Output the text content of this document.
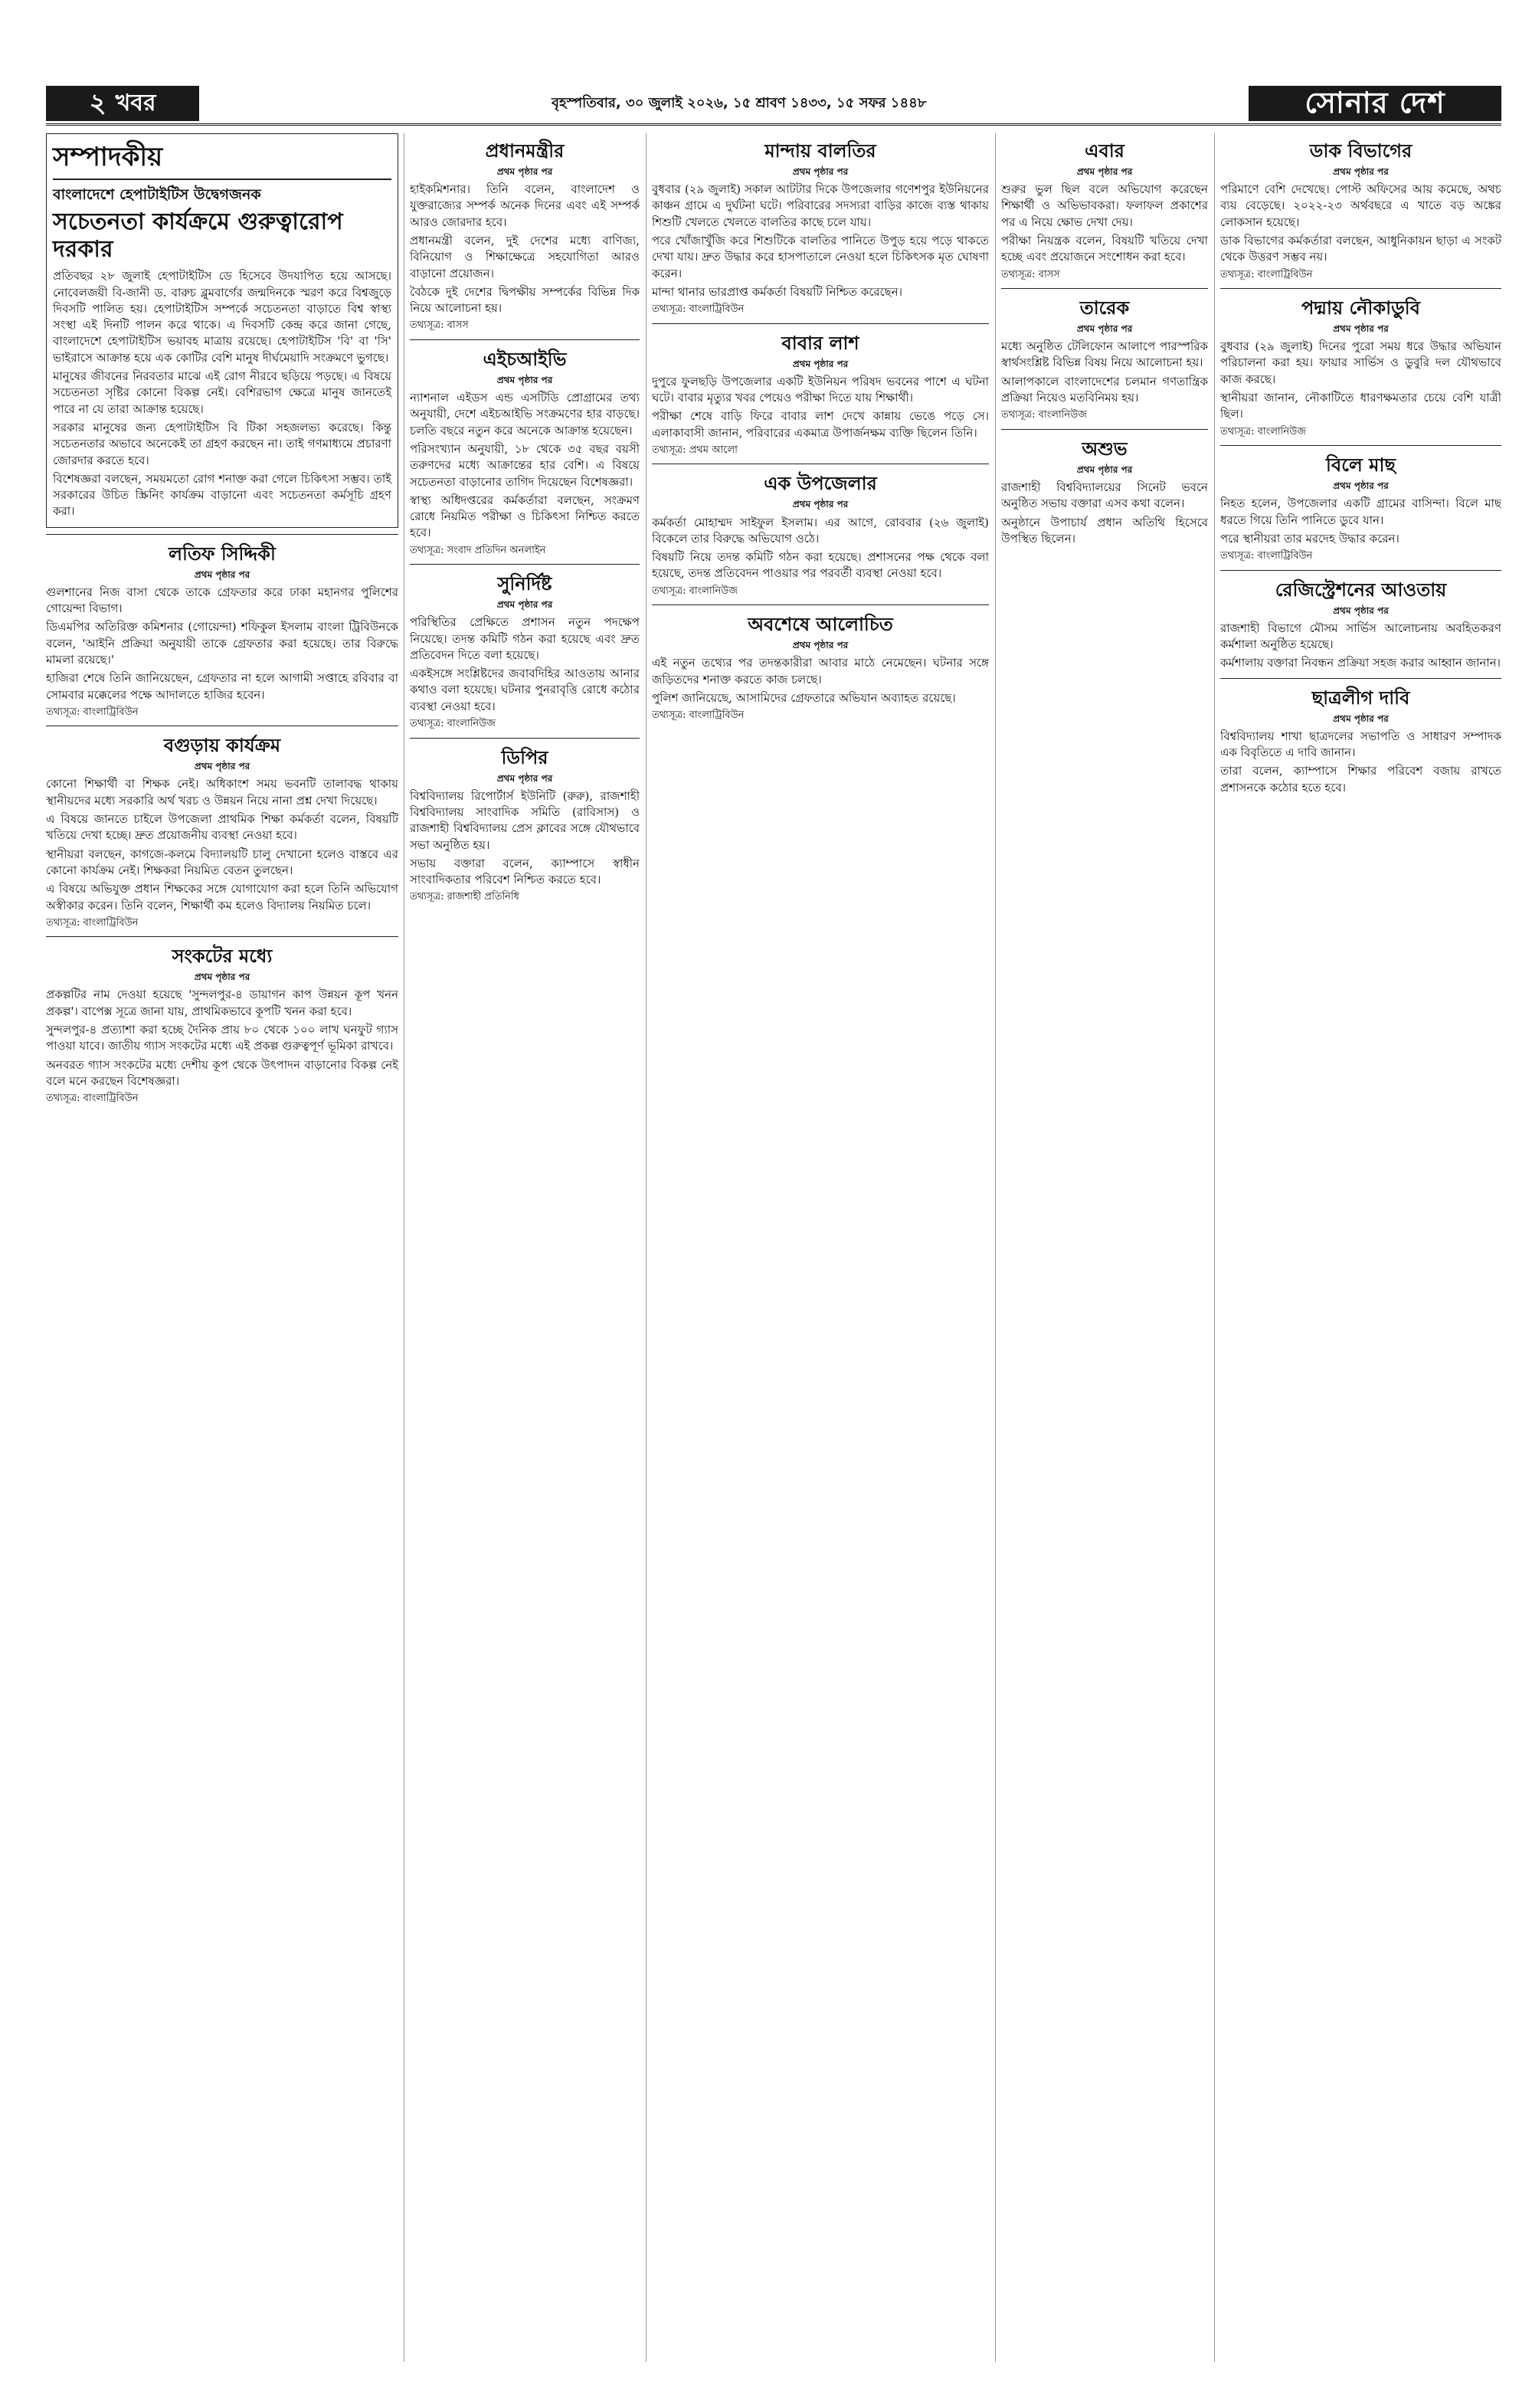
২ খবর	বৃহস্পতিবার, ৩০ জুলাই ২০২৬, ১৫ শ্রাবণ ১৪৩৩, ১৫ সফর ১৪৪৮	সোনার দেশ
সম্পাদকীয়
বাংলাদেশে হেপাটাইটিস উদ্বেগজনক
সচেতনতা কার্যক্রমে গুরুত্বারোপ দরকার

প্রতিবছর ২৮ জুলাই হেপাটাইটিস ডে হিসেবে উদযাপিত হয়ে আসছে। নোবেলজয়ী বি-জানী ড. বারুচ ব্লুমবার্গের জন্মদিনকে স্মরণ করে বিশ্বজুড়ে দিবসটি পালিত হয়। হেপাটাইটিস সম্পর্কে সচেতনতা বাড়াতে বিশ্ব স্বাস্থ্য সংস্থা এই দিনটি পালন করে থাকে। এ দিবসটি কেন্দ্র করে জানা গেছে, বাংলাদেশে হেপাটাইটিস ভয়াবহ মাত্রায় রয়েছে। হেপাটাইটিস 'বি' বা 'সি' ভাইরাসে আক্রান্ত হয়ে এক কোটির বেশি মানুষ দীর্ঘমেয়াদি সংক্রমণে ভুগছে।

মানুষের জীবনের নিরবতার মাঝে এই রোগ নীরবে ছড়িয়ে পড়ছে। এ বিষয়ে সচেতনতা সৃষ্টির কোনো বিকল্প নেই। বেশিরভাগ ক্ষেত্রে মানুষ জানতেই পারে না যে তারা আক্রান্ত হয়েছে।

সরকার মানুষের জন্য হেপাটাইটিস বি টিকা সহজলভ্য করেছে। কিন্তু সচেতনতার অভাবে অনেকেই তা গ্রহণ করছেন না। তাই গণমাধ্যমে প্রচারণা জোরদার করতে হবে।

বিশেষজ্ঞরা বলছেন, সময়মতো রোগ শনাক্ত করা গেলে চিকিৎসা সম্ভব। তাই সরকারের উচিত স্ক্রিনিং কার্যক্রম বাড়ানো এবং সচেতনতা কর্মসূচি গ্রহণ করা।

লতিফ সিদ্দিকী
প্রথম পৃষ্ঠার পর

গুলশানের নিজ বাসা থেকে তাকে গ্রেফতার করে ঢাকা মহানগর পুলিশের গোয়েন্দা বিভাগ।

ডিএমপির অতিরিক্ত কমিশনার (গোয়েন্দা) শফিকুল ইসলাম বাংলা ট্রিবিউনকে বলেন, 'আইনি প্রক্রিয়া অনুযায়ী তাকে গ্রেফতার করা হয়েছে। তার বিরুদ্ধে মামলা রয়েছে।'

হাজিরা শেষে তিনি জানিয়েছেন, গ্রেফতার না হলে আগামী সপ্তাহে রবিবার বা সোমবার মক্কেলের পক্ষে আদালতে হাজির হবেন।

তথ্যসূত্র: বাংলাট্রিবিউন
বগুড়ায় কার্যক্রম
প্রথম পৃষ্ঠার পর

কোনো শিক্ষার্থী বা শিক্ষক নেই। অধিকাংশ সময় ভবনটি তালাবদ্ধ থাকায় স্থানীয়দের মধ্যে সরকারি অর্থ খরচ ও উন্নয়ন নিয়ে নানা প্রশ্ন দেখা দিয়েছে।

এ বিষয়ে জানতে চাইলে উপজেলা প্রাথমিক শিক্ষা কর্মকর্তা বলেন, বিষয়টি খতিয়ে দেখা হচ্ছে। দ্রুত প্রয়োজনীয় ব্যবস্থা নেওয়া হবে।

স্থানীয়রা বলছেন, কাগজে-কলমে বিদ্যালয়টি চালু দেখানো হলেও বাস্তবে এর কোনো কার্যক্রম নেই। শিক্ষকরা নিয়মিত বেতন তুলছেন।

এ বিষয়ে অভিযুক্ত প্রধান শিক্ষকের সঙ্গে যোগাযোগ করা হলে তিনি অভিযোগ অস্বীকার করেন। তিনি বলেন, শিক্ষার্থী কম হলেও বিদ্যালয় নিয়মিত চলে।

তথ্যসূত্র: বাংলাট্রিবিউন
সংকটের মধ্যে
প্রথম পৃষ্ঠার পর

প্রকল্পটির নাম দেওয়া হয়েছে 'সুন্দলপুর-৪ ডায়াগন কাপ উন্নয়ন কূপ খনন প্রকল্প'। বাপেক্স সূত্রে জানা যায়, প্রাথমিকভাবে কূপটি খনন করা হবে।

সুন্দলপুর-৪ প্রত্যাশা করা হচ্ছে দৈনিক প্রায় ৮০ থেকে ১০০ লাখ ঘনফুট গ্যাস পাওয়া যাবে। জাতীয় গ্যাস সংকটের মধ্যে এই প্রকল্প গুরুত্বপূর্ণ ভূমিকা রাখবে।

অনবরত গ্যাস সংকটের মধ্যে দেশীয় কূপ থেকে উৎপাদন বাড়ানোর বিকল্প নেই বলে মনে করছেন বিশেষজ্ঞরা।

তথ্যসূত্র: বাংলাট্রিবিউন
প্রধানমন্ত্রীর
প্রথম পৃষ্ঠার পর

হাইকমিশনার। তিনি বলেন, বাংলাদেশ ও যুক্তরাজ্যের সম্পর্ক অনেক দিনের এবং এই সম্পর্ক আরও জোরদার হবে।

প্রধানমন্ত্রী বলেন, দুই দেশের মধ্যে বাণিজ্য, বিনিয়োগ ও শিক্ষাক্ষেত্রে সহযোগিতা আরও বাড়ানো প্রয়োজন।

বৈঠকে দুই দেশের দ্বিপক্ষীয় সম্পর্কের বিভিন্ন দিক নিয়ে আলোচনা হয়।

তথ্যসূত্র: বাসস
এইচআইভি
প্রথম পৃষ্ঠার পর

ন্যাশনাল এইডস এন্ড এসটিডি প্রোগ্রামের তথ্য অনুযায়ী, দেশে এইচআইভি সংক্রমণের হার বাড়ছে। চলতি বছরে নতুন করে অনেকে আক্রান্ত হয়েছেন।

পরিসংখ্যান অনুযায়ী, ১৮ থেকে ৩৫ বছর বয়সী তরুণদের মধ্যে আক্রান্তের হার বেশি। এ বিষয়ে সচেতনতা বাড়ানোর তাগিদ দিয়েছেন বিশেষজ্ঞরা।

স্বাস্থ্য অধিদপ্তরের কর্মকর্তারা বলছেন, সংক্রমণ রোধে নিয়মিত পরীক্ষা ও চিকিৎসা নিশ্চিত করতে হবে।

তথ্যসূত্র: সংবাদ প্রতিদিন অনলাইন
সুনির্দিষ্ট
প্রথম পৃষ্ঠার পর

পরিস্থিতির প্রেক্ষিতে প্রশাসন নতুন পদক্ষেপ নিয়েছে। তদন্ত কমিটি গঠন করা হয়েছে এবং দ্রুত প্রতিবেদন দিতে বলা হয়েছে।

একইসঙ্গে সংশ্লিষ্টদের জবাবদিহির আওতায় আনার কথাও বলা হয়েছে। ঘটনার পুনরাবৃত্তি রোধে কঠোর ব্যবস্থা নেওয়া হবে।

তথ্যসূত্র: বাংলানিউজ
ডিপির
প্রথম পৃষ্ঠার পর

বিশ্ববিদ্যালয় রিপোর্টার্স ইউনিটি (রুরু), রাজশাহী বিশ্ববিদ্যালয় সাংবাদিক সমিতি (রাবিসাস) ও রাজশাহী বিশ্ববিদ্যালয় প্রেস ক্লাবের সঙ্গে যৌথভাবে সভা অনুষ্ঠিত হয়।

সভায় বক্তারা বলেন, ক্যাম্পাসে স্বাধীন সাংবাদিকতার পরিবেশ নিশ্চিত করতে হবে।

তথ্যসূত্র: রাজশাহী প্রতিনিধি
মান্দায় বালতির
প্রথম পৃষ্ঠার পর

বুধবার (২৯ জুলাই) সকাল আটটার দিকে উপজেলার গণেশপুর ইউনিয়নের কাঞ্চন গ্রামে এ দুর্ঘটনা ঘটে। পরিবারের সদস্যরা বাড়ির কাজে ব্যস্ত থাকায় শিশুটি খেলতে খেলতে বালতির কাছে চলে যায়।

পরে খোঁজাখুঁজি করে শিশুটিকে বালতির পানিতে উপুড় হয়ে পড়ে থাকতে দেখা যায়। দ্রুত উদ্ধার করে হাসপাতালে নেওয়া হলে চিকিৎসক মৃত ঘোষণা করেন।

মান্দা থানার ভারপ্রাপ্ত কর্মকর্তা বিষয়টি নিশ্চিত করেছেন।

তথ্যসূত্র: বাংলাট্রিবিউন
বাবার লাশ
প্রথম পৃষ্ঠার পর

দুপুরে ফুলছড়ি উপজেলার একটি ইউনিয়ন পরিষদ ভবনের পাশে এ ঘটনা ঘটে। বাবার মৃত্যুর খবর পেয়েও পরীক্ষা দিতে যায় শিক্ষার্থী।

পরীক্ষা শেষে বাড়ি ফিরে বাবার লাশ দেখে কান্নায় ভেঙে পড়ে সে। এলাকাবাসী জানান, পরিবারের একমাত্র উপার্জনক্ষম ব্যক্তি ছিলেন তিনি।

তথ্যসূত্র: প্রথম আলো
এক উপজেলার
প্রথম পৃষ্ঠার পর

কর্মকর্তা মোহাম্মদ সাইফুল ইসলাম। এর আগে, রোববার (২৬ জুলাই) বিকেলে তার বিরুদ্ধে অভিযোগ ওঠে।

বিষয়টি নিয়ে তদন্ত কমিটি গঠন করা হয়েছে। প্রশাসনের পক্ষ থেকে বলা হয়েছে, তদন্ত প্রতিবেদন পাওয়ার পর পরবর্তী ব্যবস্থা নেওয়া হবে।

তথ্যসূত্র: বাংলানিউজ
অবশেষে আলোচিত
প্রথম পৃষ্ঠার পর

এই নতুন তথ্যের পর তদন্তকারীরা আবার মাঠে নেমেছেন। ঘটনার সঙ্গে জড়িতদের শনাক্ত করতে কাজ চলছে।

পুলিশ জানিয়েছে, আসামিদের গ্রেফতারে অভিযান অব্যাহত রয়েছে।

তথ্যসূত্র: বাংলাট্রিবিউন
এবার
প্রথম পৃষ্ঠার পর

শুরুর ভুল ছিল বলে অভিযোগ করেছেন শিক্ষার্থী ও অভিভাবকরা। ফলাফল প্রকাশের পর এ নিয়ে ক্ষোভ দেখা দেয়।

পরীক্ষা নিয়ন্ত্রক বলেন, বিষয়টি খতিয়ে দেখা হচ্ছে এবং প্রয়োজনে সংশোধন করা হবে।

তথ্যসূত্র: বাসস
তারেক
প্রথম পৃষ্ঠার পর

মধ্যে অনুষ্ঠিত টেলিফোন আলাপে পারস্পরিক স্বার্থসংশ্লিষ্ট বিভিন্ন বিষয় নিয়ে আলোচনা হয়।

আলাপকালে বাংলাদেশের চলমান গণতান্ত্রিক প্রক্রিয়া নিয়েও মতবিনিময় হয়।

তথ্যসূত্র: বাংলানিউজ
অশুভ
প্রথম পৃষ্ঠার পর

রাজশাহী বিশ্ববিদ্যালয়ের সিনেট ভবনে অনুষ্ঠিত সভায় বক্তারা এসব কথা বলেন।

অনুষ্ঠানে উপাচার্য প্রধান অতিথি হিসেবে উপস্থিত ছিলেন।

ডাক বিভাগের
প্রথম পৃষ্ঠার পর

পরিমাণে বেশি দেখেছে। পোস্ট অফিসের আয় কমেছে, অথচ ব্যয় বেড়েছে। ২০২২-২৩ অর্থবছরে এ খাতে বড় অঙ্কের লোকসান হয়েছে।

ডাক বিভাগের কর্মকর্তারা বলছেন, আধুনিকায়ন ছাড়া এ সংকট থেকে উত্তরণ সম্ভব নয়।

তথ্যসূত্র: বাংলাট্রিবিউন
পদ্মায় নৌকাডুবি
প্রথম পৃষ্ঠার পর

বুধবার (২৯ জুলাই) দিনের পুরো সময় ধরে উদ্ধার অভিযান পরিচালনা করা হয়। ফায়ার সার্ভিস ও ডুবুরি দল যৌথভাবে কাজ করছে।

স্থানীয়রা জানান, নৌকাটিতে ধারণক্ষমতার চেয়ে বেশি যাত্রী ছিল।

তথ্যসূত্র: বাংলানিউজ
বিলে মাছ
প্রথম পৃষ্ঠার পর

নিহত হলেন, উপজেলার একটি গ্রামের বাসিন্দা। বিলে মাছ ধরতে গিয়ে তিনি পানিতে ডুবে যান।

পরে স্থানীয়রা তার মরদেহ উদ্ধার করেন।

তথ্যসূত্র: বাংলাট্রিবিউন
রেজিস্ট্রেশনের আওতায়
প্রথম পৃষ্ঠার পর

রাজশাহী বিভাগে মৌসম সার্ভিস আলোচনায় অবহিতকরণ কর্মশালা অনুষ্ঠিত হয়েছে।

কর্মশালায় বক্তারা নিবন্ধন প্রক্রিয়া সহজ করার আহ্বান জানান।

ছাত্রলীগ দাবি
প্রথম পৃষ্ঠার পর

বিশ্ববিদ্যালয় শাখা ছাত্রদলের সভাপতি ও সাধারণ সম্পাদক এক বিবৃতিতে এ দাবি জানান।

তারা বলেন, ক্যাম্পাসে শিক্ষার পরিবেশ বজায় রাখতে প্রশাসনকে কঠোর হতে হবে।
